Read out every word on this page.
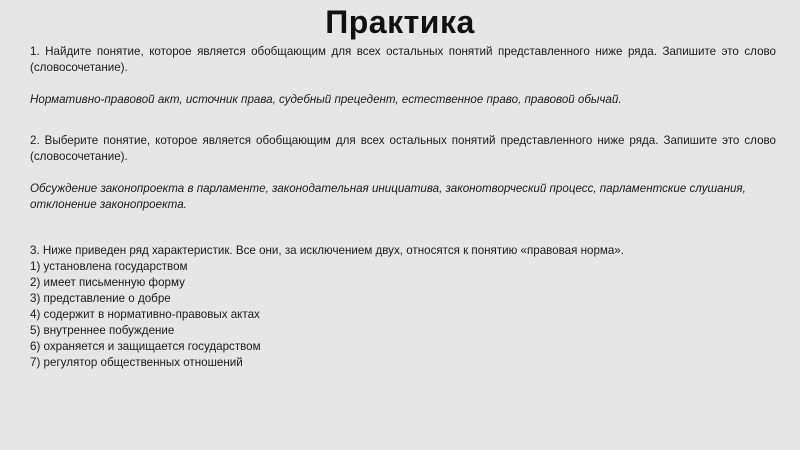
Практика

1. Найдите понятие, которое является обобщающим для всех остальных понятий представленного ниже ряда. Запишите это слово (словосочетание).

Нормативно-правовой акт, источник права, судебный прецедент, естественное право, правовой обычай.

2. Выберите понятие, которое является обобщающим для всех остальных понятий представленного ниже ряда. Запишите это слово (словосочетание).

Обсуждение законопроекта в парламенте, законодательная инициатива, законотворческий процесс, парламентские слушания, отклонение законопроекта.

3. Ниже приведен ряд характеристик. Все они, за исключением двух, относятся к понятию «правовая норма».

1) установлена государством
2) имеет письменную форму
3) представление о добре
4) содержит в нормативно-правовых актах
5) внутреннее побуждение
6) охраняется и защищается государством
7) регулятор общественных отношений
